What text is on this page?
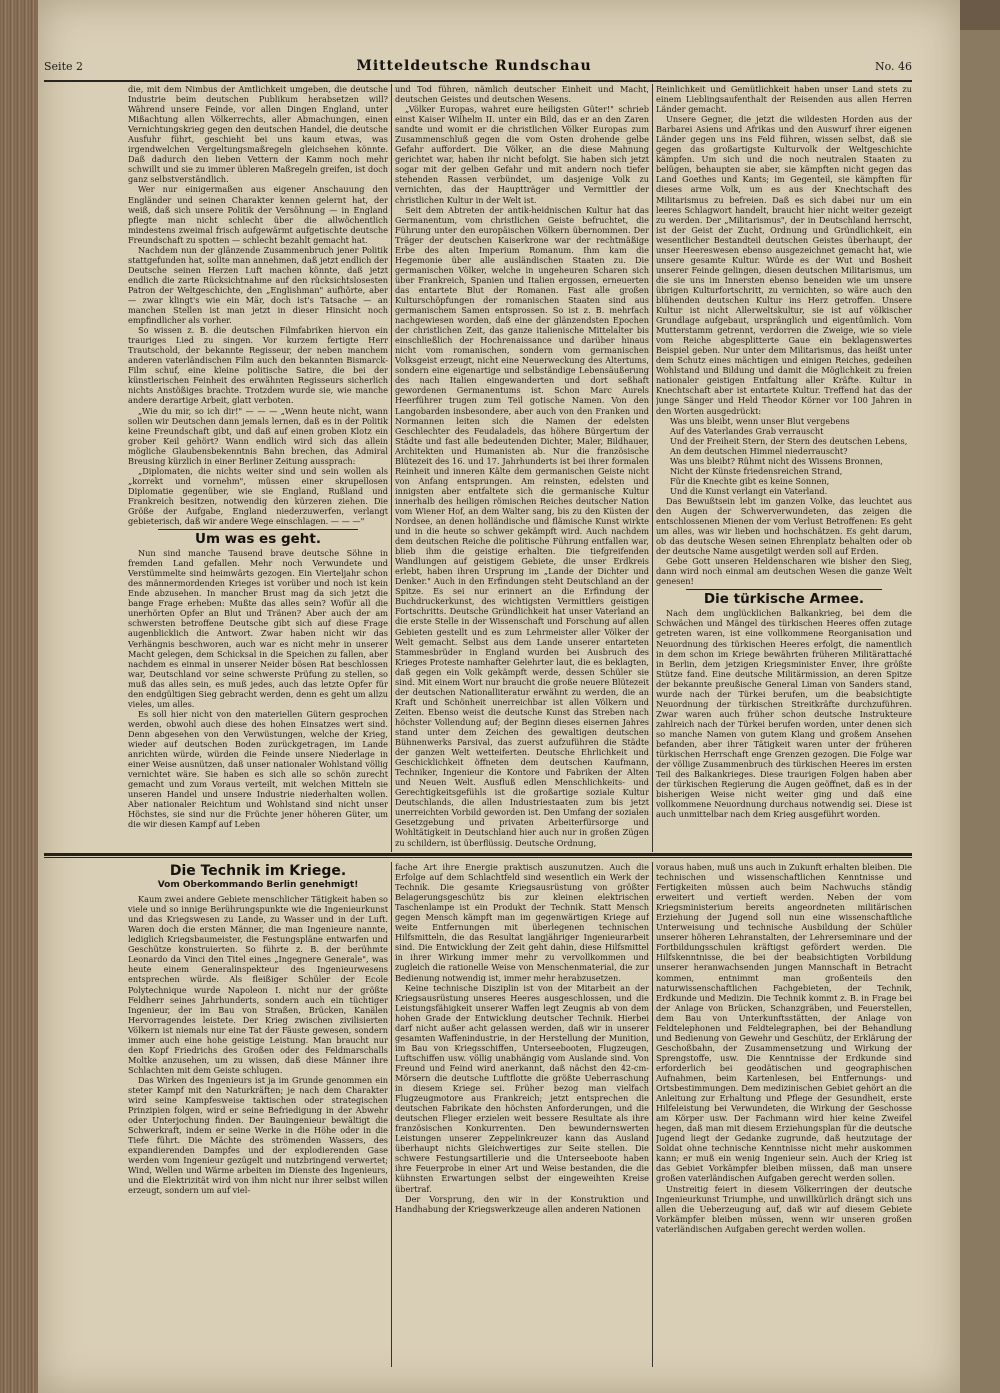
Seite 2	Mitteldeutsche Rundschau	No. 46

die, mit dem Nimbus der Amtlichkeit umgeben, die deutsche Industrie beim deutschen Publikum herabsetzen will? Während unsere Feinde, vor allen Dingen England, unter Mißachtung allen Völkerrechts, aller Abmachungen, einen Vernichtungskrieg gegen den deutschen Handel, die deutsche Ausfuhr führt, geschieht bei uns kaum etwas, was irgendwelchen Vergeltungsmaßregeln gleichsehen könnte. Daß dadurch den lieben Vettern der Kamm noch mehr schwillt und sie zu immer übleren Maßregeln greifen, ist doch ganz selbstverständlich.

Wer nur einigermaßen aus eigener Anschauung den Engländer und seinen Charakter kennen gelernt hat, der weiß, daß sich unsere Politik der Versöhnung — in England pflegte man nicht schlecht über die allwöchentlich mindestens zweimal frisch aufgewärmt aufgetischte deutsche Freundschaft zu spotten — schlecht bezahlt gemacht hat.

Nachdem nun der glänzende Zusammenbruch jener Politik stattgefunden hat, sollte man annehmen, daß jetzt endlich der Deutsche seinen Herzen Luft machen könnte, daß jetzt endlich die zarte Rücksichtnahme auf den rücksichtslosesten Patron der Weltgeschichte, den „Englishman" aufhörte, aber — zwar klingt's wie ein Mär, doch ist's Tatsache — an manchen Stellen ist man jetzt in dieser Hinsicht noch empfindlicher als vorher.

So wissen z. B. die deutschen Filmfabriken hiervon ein trauriges Lied zu singen. Vor kurzem fertigte Herr Trautschold, der bekannte Regisseur, der neben manchem anderen vaterländischen Film auch den bekannten Bismarck-Film schuf, eine kleine politische Satire, die bei der künstlerischen Feinheit des erwähnten Regisseurs sicherlich nichts Anstößiges brachte. Trotzdem wurde sie, wie manche andere derartige Arbeit, glatt verboten.

„Wie du mir, so ich dir!" — — — „Wenn heute nicht, wann sollen wir Deutschen dann jemals lernen, daß es in der Politik keine Freundschaft gibt, und daß auf einen groben Klotz ein grober Keil gehört? Wann endlich wird sich das allein mögliche Glaubensbekenntnis Bahn brechen, das Admiral Breusing kürzlich in einer Berliner Zeitung aussprach:

„Diplomaten, die nichts weiter sind und sein wollen als „korrekt und vornehm", müssen einer skrupellosen Diplomatie gegenüber, wie sie England, Rußland und Frankreich besitzen, notwendig den kürzeren ziehen. Die Größe der Aufgabe, England niederzuwerfen, verlangt gebieterisch, daß wir andere Wege einschlagen. — — —"

Um was es geht.

Nun sind manche Tausend brave deutsche Söhne in fremden Land gefallen. Mehr noch Verwundete und Verstümmelte sind heimwärts gezogen. Ein Vierteljahr schon des männermordenden Krieges ist vorüber und noch ist kein Ende abzusehen. In mancher Brust mag da sich jetzt die bange Frage erheben: Mußte das alles sein? Wofür all die unerhörten Opfer an Blut und Tränen? Aber auch der am schwersten betroffene Deutsche gibt sich auf diese Frage augenblicklich die Antwort. Zwar haben nicht wir das Verhängnis beschworen, auch war es nicht mehr in unserer Macht gelegen, dem Schicksal in die Speichen zu fallen, aber nachdem es einmal in unserer Neider bösen Rat beschlossen war, Deutschland vor seine schwerste Prüfung zu stellen, so muß das alles sein, es muß jedes, auch das letzte Opfer für den endgültigen Sieg gebracht werden, denn es geht um allzu vieles, um alles.

Es soll hier nicht von den materiellen Gütern gesprochen werden, obwohl auch diese des hohen Einsatzes wert sind. Denn abgesehen von den Verwüstungen, welche der Krieg, wieder auf deutschen Boden zurückgetragen, im Lande anrichten würde, würden die Feinde unsere Niederlage in einer Weise ausnützen, daß unser nationaler Wohlstand völlig vernichtet wäre. Sie haben es sich alle so schön zurecht gemacht und zum Voraus verteilt, mit welchen Mitteln sie unseren Handel und unsere Industrie niederhalten wollen. Aber nationaler Reichtum und Wohlstand sind nicht unser Höchstes, sie sind nur die Früchte jener höheren Güter, um die wir diesen Kampf auf Leben

und Tod führen, nämlich deutscher Einheit und Macht, deutschen Geistes und deutschen Wesens.

„Völker Europas, wahret eure heiligsten Güter!" schrieb einst Kaiser Wilhelm II. unter ein Bild, das er an den Zaren sandte und womit er die christlichen Völker Europas zum Zusammenschluß gegen die vom Osten drohende gelbe Gefahr auffordert. Die Völker, an die diese Mahnung gerichtet war, haben ihr nicht befolgt. Sie haben sich jetzt sogar mit der gelben Gefahr und mit andern noch tiefer stehenden Rassen verbündet, um dasjenige Volk zu vernichten, das der Hauptträger und Vermittler der christlichen Kultur in der Welt ist.

Seit dem Abtreten der antik-heidnischen Kultur hat das Germanentum, vom christlichen Geiste befruchtet, die Führung unter den europäischen Völkern übernommen. Der Träger der deutschen Kaiserkrone war der rechtmäßige Erbe des alten Imperium Romanum. Ihm kam die Hegemonie über alle ausländischen Staaten zu. Die germanischen Völker, welche in ungeheuren Scharen sich über Frankreich, Spanien und Italien ergossen, erneuerten das entartete Blut der Romanen. Fast alle großen Kulturschöpfungen der romanischen Staaten sind aus germanischem Samen entsprossen. So ist z. B. mehrfach nachgewiesen worden, daß eine der glänzendsten Epochen der christlichen Zeit, das ganze italienische Mittelalter bis einschließlich der Hochrenaissance und darüber hinaus nicht vom romanischen, sondern vom germanischen Volksgeist erzeugt, nicht eine Neuerweckung des Altertums, sondern eine eigenartige und selbständige Lebensäußerung des nach Italien eingewanderten und dort seßhaft gewordenen Germanentums ist. Schon Marc Aurels Heerführer trugen zum Teil gotische Namen. Von den Langobarden insbesondere, aber auch von den Franken und Normannen leiten sich die Namen der edelsten Geschlechter des Feudaladels, das höhere Bürgertum der Städte und fast alle bedeutenden Dichter, Maler, Bildhauer, Architekten und Humanisten ab. Nur die französische Blütezeit des 16. und 17. Jahrhunderts ist bei ihrer formalen Reinheit und inneren Kälte dem germanischen Geiste nicht von Anfang entsprungen. Am reinsten, edelsten und innigsten aber entfaltete sich die germanische Kultur innerhalb des heiligen römischen Reiches deutscher Nation vom Wiener Hof, an dem Walter sang, bis zu den Küsten der Nordsee, an denen holländische und flämische Kunst wirkte und in die heute so schwer gekämpft wird. Auch nachdem dem deutschen Reiche die politische Führung entfallen war, blieb ihm die geistige erhalten. Die tiefgreifenden Wandlungen auf geistigem Gebiete, die unser Erdkreis erlebt, haben ihren Ursprung im „Lande der Dichter und Denker." Auch in den Erfindungen steht Deutschland an der Spitze. Es sei nur erinnert an die Erfindung der Buchdruckerkunst, des wichtigsten Vermittlers geistigen Fortschritts. Deutsche Gründlichkeit hat unser Vaterland an die erste Stelle in der Wissenschaft und Forschung auf allen Gebieten gestellt und es zum Lehrmeister aller Völker der Welt gemacht. Selbst aus dem Lande unserer entarteten Stammesbrüder in England wurden bei Ausbruch des Krieges Proteste namhafter Gelehrter laut, die es beklagten, daß gegen ein Volk gekämpft werde, dessen Schüler sie sind. Mit einem Wort nur braucht die große neuere Blütezeit der deutschen Nationalliteratur erwähnt zu werden, die an Kraft und Schönheit unerreichbar ist allen Völkern und Zeiten. Ebenso weist die deutsche Kunst das Streben nach höchster Vollendung auf; der Beginn dieses eisernen Jahres stand unter dem Zeichen des gewaltigen deutschen Bühnenwerks Parsival, das zuerst aufzuführen die Städte der ganzen Welt wetteiferten. Deutsche Ehrlichkeit und Geschicklichkeit öffneten dem deutschen Kaufmann, Techniker, Ingenieur die Kontore und Fabriken der Alten und Neuen Welt. Ausfluß edlen Menschlichkeits- und Gerechtigkeitsgefühls ist die großartige soziale Kultur Deutschlands, die allen Industriestaaten zum bis jetzt unerreichten Vorbild geworden ist. Den Umfang der sozialen Gesetzgebung und privaten Arbeiterfürsorge und Wohltätigkeit in Deutschland hier auch nur in großen Zügen zu schildern, ist überflüssig. Deutsche Ordnung,

Reinlichkeit und Gemütlichkeit haben unser Land stets zu einem Lieblingsaufenthalt der Reisenden aus allen Herren Länder gemacht.

Unsere Gegner, die jetzt die wildesten Horden aus der Barbarei Asiens und Afrikas und den Auswurf ihrer eigenen Länder gegen uns ins Feld führen, wissen selbst, daß sie gegen das großartigste Kulturvolk der Weltgeschichte kämpfen. Um sich und die noch neutralen Staaten zu belügen, behaupten sie aber, sie kämpften nicht gegen das Land Goethes und Kants; im Gegenteil, sie kämpften für dieses arme Volk, um es aus der Knechtschaft des Militarismus zu befreien. Daß es sich dabei nur um ein leeres Schlagwort handelt, braucht hier nicht weiter gezeigt zu werden. Der „Militarismus", der in Deutschland herrscht, ist der Geist der Zucht, Ordnung und Gründlichkeit, ein wesentlicher Bestandteil deutschen Geistes überhaupt, der unser Heereswesen ebenso ausgezeichnet gemacht hat, wie unsere gesamte Kultur. Würde es der Wut und Bosheit unserer Feinde gelingen, diesen deutschen Militarismus, um die sie uns im Innersten ebenso beneiden wie um unsere übrigen Kulturfortschritt, zu vernichten, so wäre auch den blühenden deutschen Kultur ins Herz getroffen. Unsere Kultur ist nicht Allerweltskultur, sie ist auf völkischer Grundlage aufgebaut, urspränglich und eigentümlich. Vom Mutterstamm getrennt, verdorren die Zweige, wie so viele vom Reiche abgesplitterte Gaue ein beklagenswertes Beispiel geben. Nur unter dem Militarismus, das heißt unter dem Schutz eines mächtigen und einigen Reiches, gedeihen Wohlstand und Bildung und damit die Möglichkeit zu freien nationaler geistigen Entfaltung aller Kräfte. Kultur in Knechtschaft aber ist entartete Kultur. Treffend hat das der junge Sänger und Held Theodor Körner vor 100 Jahren in den Worten ausgedrückt:

Was uns bleibt, wenn unser Blut vergebens

Auf des Vaterlandes Grab verrauscht

Und der Freiheit Stern, der Stern des deutschen Lebens,

An dem deutschen Himmel niederrauscht?

Was uns bleibt? Rühmt nicht des Wissens Bronnen,

Nicht der Künste friedensreichen Strand,

Für die Knechte gibt es keine Sonnen,

Und die Kunst verlangt ein Vaterland.

Das Bewußtsein lebt im ganzen Volke, das leuchtet aus den Augen der Schwerverwundeten, das zeigen die entschlossenen Mienen der vom Verlust Betroffenen: Es geht um alles, was wir lieben und hochschätzen. Es geht darum, ob das deutsche Wesen seinen Ehrenplatz behalten oder ob der deutsche Name ausgetilgt werden soll auf Erden.

Gebe Gott unseren Heldenscharen wie bisher den Sieg, dann wird noch einmal am deutschen Wesen die ganze Welt genesen!

Die türkische Armee.

Nach dem unglücklichen Balkankrieg, bei dem die Schwächen und Mängel des türkischen Heeres offen zutage getreten waren, ist eine vollkommene Reorganisation und Neuordnung des türkischen Heeres erfolgt, die namentlich in dem schon im Kriege bewährten früheren Militärattaché in Berlin, dem jetzigen Kriegsminister Enver, ihre größte Stütze fand. Eine deutsche Militärmission, an deren Spitze der bekannte preußische General Liman von Sanders stand, wurde nach der Türkei berufen, um die beabsichtigte Neuordnung der türkischen Streitkräfte durchzuführen. Zwar waren auch früher schon deutsche Instrukteure zahlreich nach der Türkei berufen worden, unter denen sich so manche Namen von gutem Klang und großem Ansehen befanden, aber ihrer Tätigkeit waren unter der früheren türkischen Herrschaft enge Grenzen gezogen. Die Folge war der völlige Zusammenbruch des türkischen Heeres im ersten Teil des Balkankrieges. Diese traurigen Folgen haben aber der türkischen Regierung die Augen geöffnet, daß es in der bisherigen Weise nicht weiter ging und daß eine vollkommene Neuordnung durchaus notwendig sei. Diese ist auch unmittelbar nach dem Krieg ausgeführt worden.

Die Technik im Kriege.
Vom Oberkommando Berlin genehmigt!

Kaum zwei andere Gebiete menschlicher Tätigkeit haben so viele und so innige Berührungspunkte wie die Ingenieurkunst und das Kriegswesen zu Lande, zu Wasser und in der Luft. Waren doch die ersten Männer, die man Ingenieure nannte, lediglich Kriegsbaumeister, die Festungspläne entwarfen und Geschütze konstruierten. So führte z. B. der berühmte Leonardo da Vinci den Titel eines „Ingegnere Generale", was heute einem Generalinspekteur des Ingenieurwesens entsprechen würde. Als fleißiger Schüler der Ecole Polytechnique wurde Napoleon I. nicht nur der größte Feldherr seines Jahrhunderts, sondern auch ein tüchtiger Ingenieur, der im Bau von Straßen, Brücken, Kanälen Hervorragendes leistete. Der Krieg zwischen zivilisierten Völkern ist niemals nur eine Tat der Fäuste gewesen, sondern immer auch eine hohe geistige Leistung. Man braucht nur den Kopf Friedrichs des Großen oder des Feldmarschalls Moltke anzusehen, um zu wissen, daß diese Männer ihre Schlachten mit dem Geiste schlugen.

Das Wirken des Ingenieurs ist ja im Grunde genommen ein steter Kampf mit den Naturkräften; je nach dem Charakter wird seine Kampfesweise taktischen oder strategischen Prinzipien folgen, wird er seine Befriedigung in der Abwehr oder Unterjochung finden. Der Bauingenieur bewältigt die Schwerkraft, indem er seine Werke in die Höhe oder in die Tiefe führt. Die Mächte des strömenden Wassers, des expandierenden Dampfes und der explodierenden Gase werden vom Ingenieur gezügelt und nutzbringend verwertet; Wind, Wellen und Wärme arbeiten im Dienste des Ingenieurs, und die Elektrizität wird von ihm nicht nur ihrer selbst willen erzeugt, sondern um auf viel-

fache Art ihre Energie praktisch auszunutzen. Auch die Erfolge auf dem Schlachtfeld sind wesentlich ein Werk der Technik. Die gesamte Kriegsausrüstung von größter Belagerungsgeschütz bis zur kleinen elektrischen Taschenlampe ist ein Produkt der Technik. Statt Mensch gegen Mensch kämpft man im gegenwärtigen Kriege auf weite Entfernungen mit überlegenen technischen Hilfsmitteln, die das Resultat langjähriger Ingenieurarbeit sind. Die Entwicklung der Zeit geht dahin, diese Hilfsmittel in ihrer Wirkung immer mehr zu vervollkommen und zugleich die rationelle Weise von Menschenmaterial, die zur Bedienung notwendig ist, immer mehr herabzusetzen.

Keine technische Disziplin ist von der Mitarbeit an der Kriegsausrüstung unseres Heeres ausgeschlossen, und die Leistungsfähigkeit unserer Waffen legt Zeugnis ab von dem hohen Grade der Entwicklung deutscher Technik. Hierbei darf nicht außer acht gelassen werden, daß wir in unserer gesamten Waffenindustrie, in der Herstellung der Munition, im Bau von Kriegsschiffen, Unterseebooten, Flugzeugen, Luftschiffen usw. völlig unabhängig vom Auslande sind. Von Freund und Feind wird anerkannt, daß nächst den 42-cm-Mörsern die deutsche Luftflotte die größte Ueberraschung in diesem Kriege sei. Früher bezog man vielfach Flugzeugmotore aus Frankreich; jetzt entsprechen die deutschen Fabrikate den höchsten Anforderungen, und die deutschen Flieger erzielen weit bessere Resultate als ihre französischen Konkurrenten. Den bewundernswerten Leistungen unserer Zeppelinkreuzer kann das Ausland überhaupt nichts Gleichwertiges zur Seite stellen. Die schwere Festungsartillerie und die Unterseeboote haben ihre Feuerprobe in einer Art und Weise bestanden, die die kühnsten Erwartungen selbst der eingeweihten Kreise übertraf.

Der Vorsprung, den wir in der Konstruktion und Handhabung der Kriegswerkzeuge allen anderen Nationen

voraus haben, muß uns auch in Zukunft erhalten bleiben. Die technischen und wissenschaftlichen Kenntnisse und Fertigkeiten müssen auch beim Nachwuchs ständig erweitert und vertieft werden. Neben der vom Kriegsministerium bereits angeordneten militärischen Erziehung der Jugend soll nun eine wissenschaftliche Unterweisung und technische Ausbildung der Schüler unserer höheren Lehranstalten, der Lehrerseminare und der Fortbildungsschulen kräftigst gefördert werden. Die Hilfskenntnisse, die bei der beabsichtigten Vorbildung unserer heranwachsenden jungen Mannschaft in Betracht kommen, entnimmt man großenteils den naturwissenschaftlichen Fachgebieten, der Technik, Erdkunde und Medizin. Die Technik kommt z. B. in Frage bei der Anlage von Brücken, Schanzgräben, und Feuerstellen, dem Bau von Unterkunftsstätten, der Anlage von Feldtelephonen und Feldtelegraphen, bei der Behandlung und Bedienung von Gewehr und Geschütz, der Erklärung der Geschoßbahn, der Zusammensetzung und Wirkung der Sprengstoffe, usw. Die Kenntnisse der Erdkunde sind erforderlich bei geodätischen und geographischen Aufnahmen, beim Kartenlesen, bei Entfernungs- und Ortsbestimmungen. Dem medizinischen Gebiet gehört an die Anleitung zur Erhaltung und Pflege der Gesundheit, erste Hilfeleistung bei Verwundeten, die Wirkung der Geschosse am Körper usw. Der Fachmann wird hier keine Zweifel hegen, daß man mit diesem Erziehungsplan für die deutsche Jugend liegt der Gedanke zugrunde, daß heutzutage der Soldat ohne technische Kenntnisse nicht mehr auskommen kann; er muß ein wenig Ingenieur sein. Auch der Krieg ist das Gebiet Vorkämpfer bleiben müssen, daß man unsere großen vaterländischen Aufgaben gerecht werden sollen.

Unstreitig feiert in diesem Völkerringen der deutsche Ingenieurkunst Triumphe, und unwillkürlich drängt sich uns allen die Ueberzeugung auf, daß wir auf diesem Gebiete Vorkämpfer bleiben müssen, wenn wir unseren großen vaterländischen Aufgaben gerecht werden wollen.
